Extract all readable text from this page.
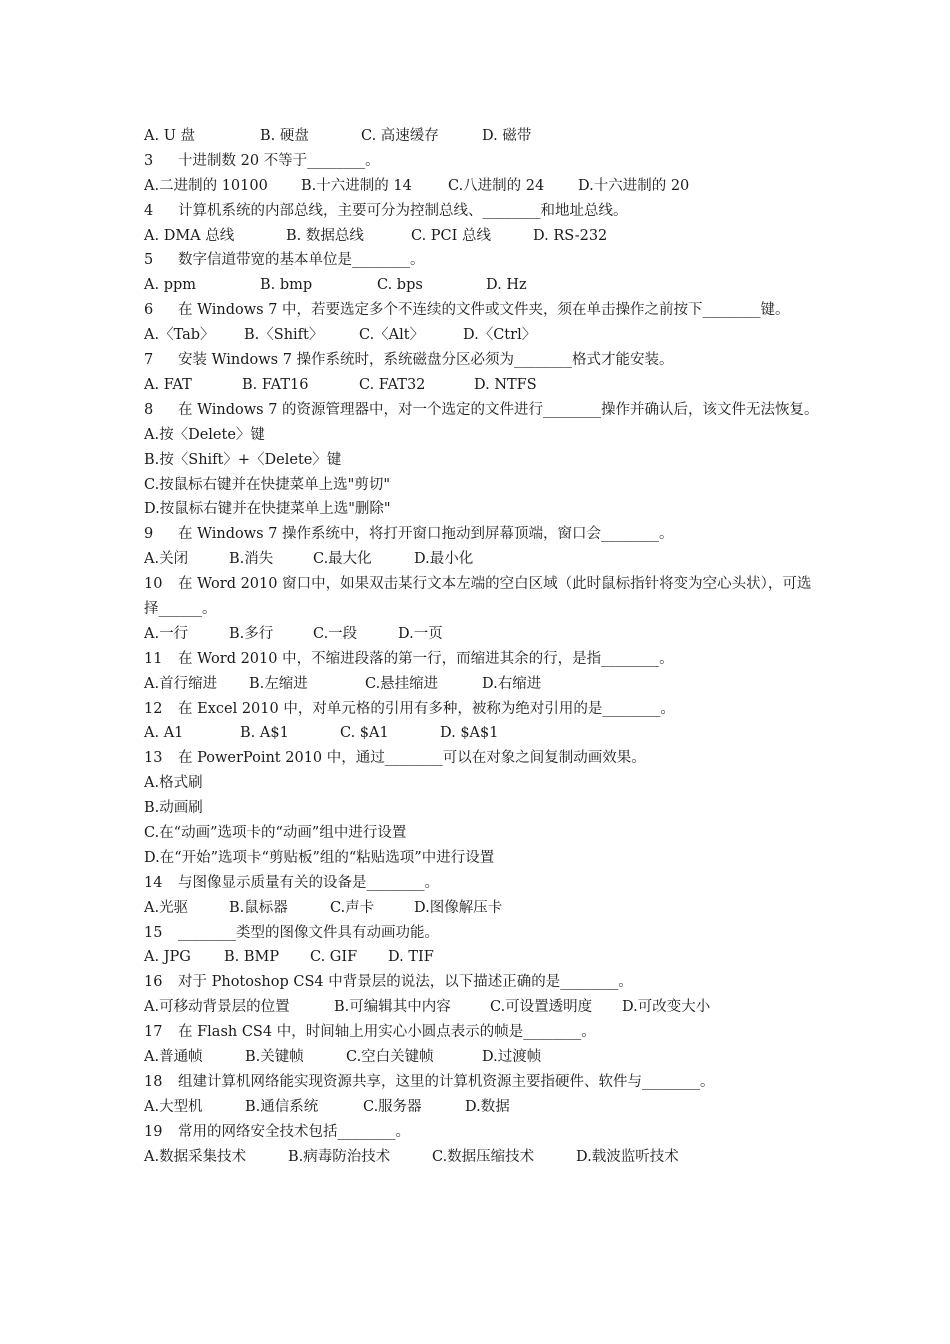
A. U 盘	B. 硬盘	C. 高速缓存	D. 磁带
3 十进制数 20 不等于________。
A.二进制的 10100 B.十六进制的 14 C.八进制的 24 D.十六进制的 20
4 计算机系统的内部总线，主要可分为控制总线、________和地址总线。
A. DMA 总线	B. 数据总线	C. PCI 总线	D. RS-232
5 数字信道带宽的基本单位是________。
A. ppm	B. bmp	C. bps	D. Hz
6 在 Windows 7 中，若要选定多个不连续的文件或文件夹，须在单击操作之前按下________键。
A.〈Tab〉 B.〈Shift〉 C.〈Alt〉	D.〈Ctrl〉
7 安装 Windows 7 操作系统时，系统磁盘分区必须为________格式才能安装。
A. FAT	B. FAT16	C. FAT32	D. NTFS
8 在 Windows 7 的资源管理器中，对一个选定的文件进行________操作并确认后，该文件无法恢复。
A.按〈Delete〉键
B.按〈Shift〉+〈Delete〉键
C.按鼠标右键并在快捷菜单上选"剪切"
D.按鼠标右键并在快捷菜单上选"删除"
9 在 Windows 7 操作系统中，将打开窗口拖动到屏幕顶端，窗口会________。
A.关闭	B.消失	C.最大化	D.最小化
10 在 Word 2010 窗口中，如果双击某行文本左端的空白区域（此时鼠标指针将变为空心头状），可选择______。
A.一行	B.多行	C.一段	D.一页
11 在 Word 2010 中，不缩进段落的第一行，而缩进其余的行，是指________。
A.首行缩进 B.左缩进	C.悬挂缩进	D.右缩进
12 在 Excel 2010 中，对单元格的引用有多种，被称为绝对引用的是________。
A. A1	B. A$1	C. $A1	D. $A$1
13 在 PowerPoint 2010 中，通过________可以在对象之间复制动画效果。
A.格式刷
B.动画刷
C.在“动画”选项卡的“动画”组中进行设置
D.在“开始”选项卡“剪贴板”组的“粘贴选项”中进行设置
14 与图像显示质量有关的设备是________。
A.光驱	B.鼠标器	C.声卡	D.图像解压卡
15 ________类型的图像文件具有动画功能。
A. JPG B. BMP C. GIF D. TIF
16 对于 Photoshop CS4 中背景层的说法，以下描述正确的是________。
A.可移动背景层的位置	B.可编辑其中内容	C.可设置透明度 D.可改变大小
17 在 Flash CS4 中，时间轴上用实心小圆点表示的帧是________。
A.普通帧	B.关键帧	C.空白关键帧	D.过渡帧
18 组建计算机网络能实现资源共享，这里的计算机资源主要指硬件、软件与________。
A.大型机	B.通信系统	C.服务器	D.数据
19 常用的网络安全技术包括________。
A.数据采集技术	B.病毒防治技术	C.数据压缩技术	D.载波监听技术
